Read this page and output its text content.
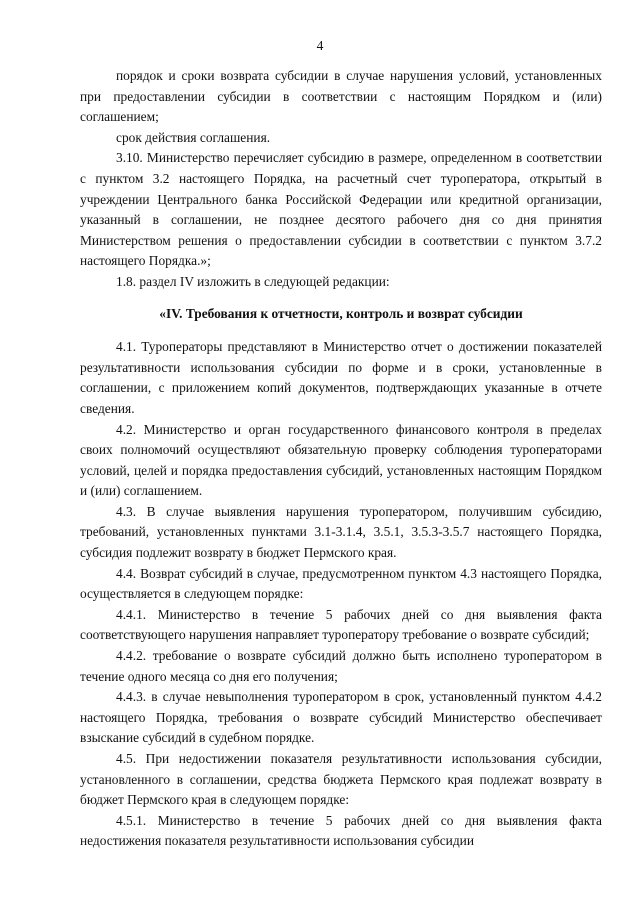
4

порядок и сроки возврата субсидии в случае нарушения условий, установленных при предоставлении субсидии в соответствии с настоящим Порядком и (или) соглашением;

срок действия соглашения.

3.10. Министерство перечисляет субсидию в размере, определенном в соответствии с пунктом 3.2 настоящего Порядка, на расчетный счет туроператора, открытый в учреждении Центрального банка Российской Федерации или кредитной организации, указанный в соглашении, не позднее десятого рабочего дня со дня принятия Министерством решения о предоставлении субсидии в соответствии с пунктом 3.7.2 настоящего Порядка.»;

1.8. раздел IV изложить в следующей редакции:

«IV. Требования к отчетности, контроль и возврат субсидии

4.1. Туроператоры представляют в Министерство отчет о достижении показателей результативности использования субсидии по форме и в сроки, установленные в соглашении, с приложением копий документов, подтверждающих указанные в отчете сведения.

4.2. Министерство и орган государственного финансового контроля в пределах своих полномочий осуществляют обязательную проверку соблюдения туроператорами условий, целей и порядка предоставления субсидий, установленных настоящим Порядком и (или) соглашением.

4.3. В случае выявления нарушения туроператором, получившим субсидию, требований, установленных пунктами 3.1-3.1.4, 3.5.1, 3.5.3-3.5.7 настоящего Порядка, субсидия подлежит возврату в бюджет Пермского края.

4.4. Возврат субсидий в случае, предусмотренном пунктом 4.3 настоящего Порядка, осуществляется в следующем порядке:

4.4.1. Министерство в течение 5 рабочих дней со дня выявления факта соответствующего нарушения направляет туроператору требование о возврате субсидий;

4.4.2. требование о возврате субсидий должно быть исполнено туроператором в течение одного месяца со дня его получения;

4.4.3. в случае невыполнения туроператором в срок, установленный пунктом 4.4.2 настоящего Порядка, требования о возврате субсидий Министерство обеспечивает взыскание субсидий в судебном порядке.

4.5. При недостижении показателя результативности использования субсидии, установленного в соглашении, средства бюджета Пермского края подлежат возврату в бюджет Пермского края в следующем порядке:

4.5.1. Министерство в течение 5 рабочих дней со дня выявления факта недостижения показателя результативности использования субсидии
